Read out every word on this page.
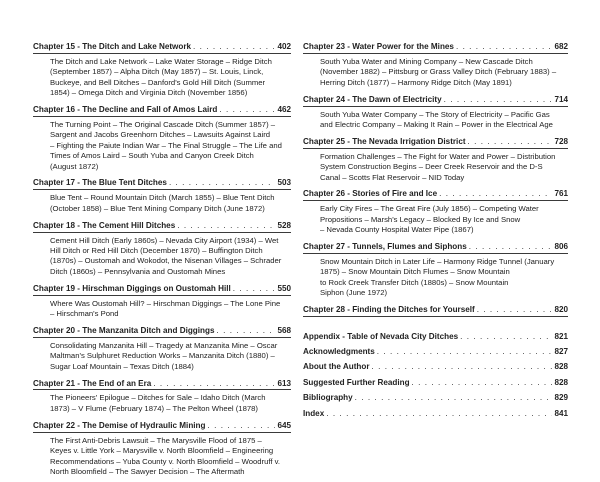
Chapter 15 - The Ditch and Lake Network . . .	402
The Ditch and Lake Network – Lake Water Storage – Ridge Ditch
(September 1857) – Alpha Ditch (May 1857) – St. Louis, Linck,
Buckeye, and Bell Ditches – Danford's Gold Hill Ditch (Summer
1854) – Omega Ditch and Virginia Ditch (November 1856)
Chapter 16 - The Decline and Fall of Amos Laird . . .	462
The Turning Point – The Original Cascade Ditch (Summer 1857) –
Sargent and Jacobs Greenhorn Ditches – Lawsuits Against Laird
– Fighting the Paiute Indian War – The Final Struggle – The Life and
Times of Amos Laird – South Yuba and Canyon Creek Ditch
(August 1872)
Chapter 17 - The Blue Tent Ditches . . .	503
Blue Tent – Round Mountain Ditch (March 1855) – Blue Tent Ditch
(October 1858) – Blue Tent Mining Company Ditch (June 1872)
Chapter 18 - The Cement Hill Ditches . . .	528
Cement Hill Ditch (Early 1860s) – Nevada City Airport (1934) – Wet
Hill Ditch or Red Hill Ditch (December 1870) – Buffington Ditch
(1870s) – Oustomah and Wokodot, the Nisenan Villages – Schrader
Ditch (1860s) – Pennsylvania and Oustomah Mines
Chapter 19 - Hirschman Diggings on Oustomah Hill . . .	550
Where Was Oustomah Hill? – Hirschman Diggings – The Lone Pine
– Hirschman's Pond
Chapter 20 - The Manzanita Ditch and Diggings . . .	568
Consolidating Manzanita Hill – Tragedy at Manzanita Mine – Oscar
Maltman's Sulphuret Reduction Works – Manzanita Ditch (1880) –
Sugar Loaf Mountain – Texas Ditch (1884)
Chapter 21 - The End of an Era . . .	613
The Pioneers' Epilogue – Ditches for Sale – Idaho Ditch (March
1873) – V Flume (February 1874) – The Pelton Wheel (1878)
Chapter 22 - The Demise of Hydraulic Mining . . .	645
The First Anti-Debris Lawsuit – The Marysville Flood of 1875 –
Keyes v. Little York – Marysville v. North Bloomfield – Engineering
Recommendations – Yuba County v. North Bloomfield – Woodruff v.
North Bloomfield – The Sawyer Decision – The Aftermath
Chapter 23 - Water Power for the Mines . . .	682
South Yuba Water and Mining Company – New Cascade Ditch
(November 1882) – Pittsburg or Grass Valley Ditch (February 1883) –
Herring Ditch (1877) – Harmony Ridge Ditch (May 1891)
Chapter 24 - The Dawn of Electricity . . .	714
South Yuba Water Company – The Story of Electricity – Pacific Gas
and Electric Company – Making It Rain – Power in the Electrical Age
Chapter 25 - The Nevada Irrigation District . . .	728
Formation Challenges – The Fight for Water and Power – Distribution
System Construction Begins – Deer Creek Reservoir and the D-S
Canal – Scotts Flat Reservoir – NID Today
Chapter 26 - Stories of Fire and Ice . . .	761
Early City Fires – The Great Fire (July 1856) – Competing Water
Propositions – Marsh's Legacy – Blocked By Ice and Snow
– Nevada County Hospital Water Pipe (1867)
Chapter 27 - Tunnels, Flumes and Siphons . . .	806
Snow Mountain Ditch in Later Life – Harmony Ridge Tunnel (January
1875) – Snow Mountain Ditch Flumes – Snow Mountain
to Rock Creek Transfer Ditch (1880s) – Snow Mountain
Siphon (June 1972)
Chapter 28 - Finding the Ditches for Yourself . . .	820
Appendix - Table of Nevada City Ditches . . .	821
Acknowledgments . . .	827
About the Author . . .	828
Suggested Further Reading . . .	828
Bibliography . . .	829
Index . . .	841
